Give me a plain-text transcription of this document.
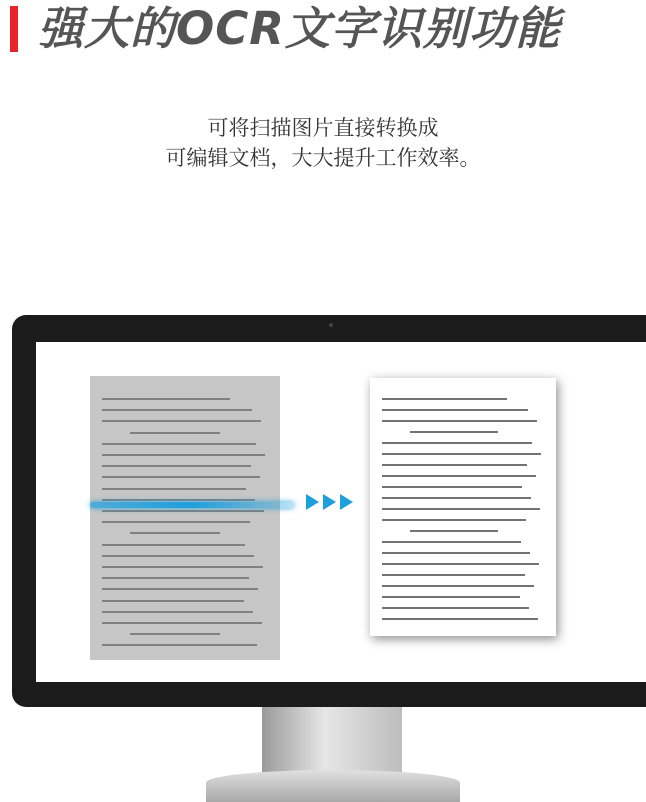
强大的OCR文字识别功能
可将扫描图片直接转换成
可编辑文档，大大提升工作效率。
